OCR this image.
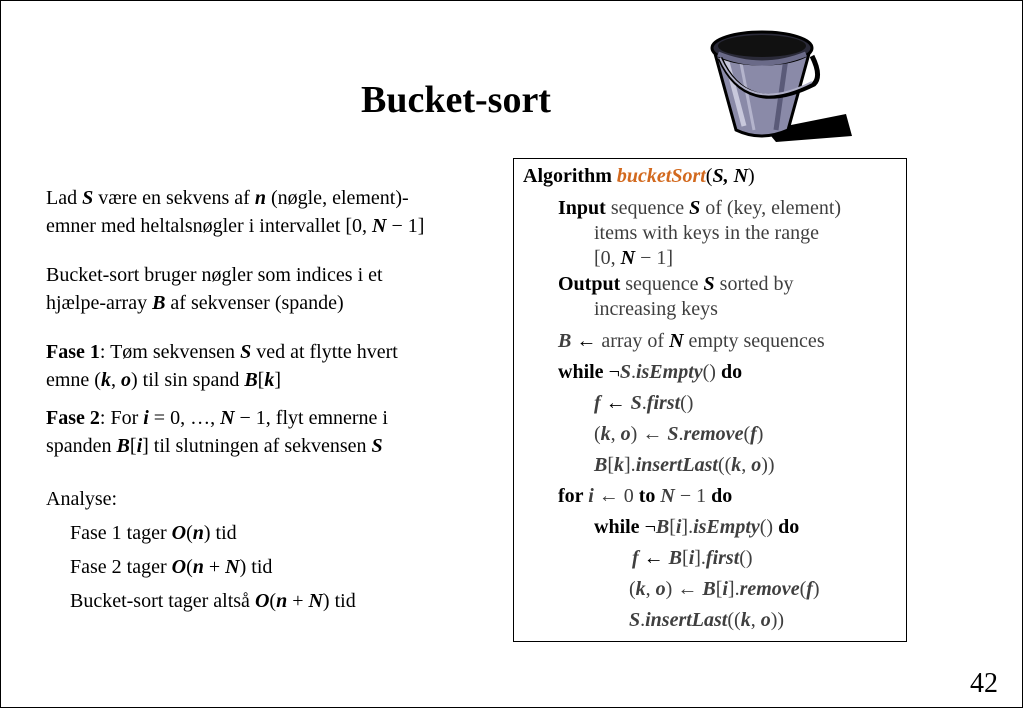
Bucket-sort
Lad S være en sekvens af n (nøgle, element)-
emner med heltalsnøgler i intervallet [0, N − 1]
Bucket-sort bruger nøgler som indices i et
hjælpe-array B af sekvenser (spande)
Fase 1: Tøm sekvensen S ved at flytte hvert
emne (k, o) til sin spand B[k]
Fase 2: For i = 0, …, N − 1, flyt emnerne i
spanden B[i] til slutningen af sekvensen S
Analyse:
Fase 1 tager O(n) tid
Fase 2 tager O(n + N) tid
Bucket-sort tager altså O(n + N) tid
Algorithm bucketSort(S, N)
Input sequence S of (key, element)
items with keys in the range
[0, N − 1]
Output sequence S sorted by
increasing keys
B ← array of N empty sequences
while ¬S.isEmpty() do
f ← S.first()
(k, o) ← S.remove(f)
B[k].insertLast((k, o))
for i ← 0 to N − 1 do
while ¬B[i].isEmpty() do
f ← B[i].first()
(k, o) ← B[i].remove(f)
S.insertLast((k, o))
42
